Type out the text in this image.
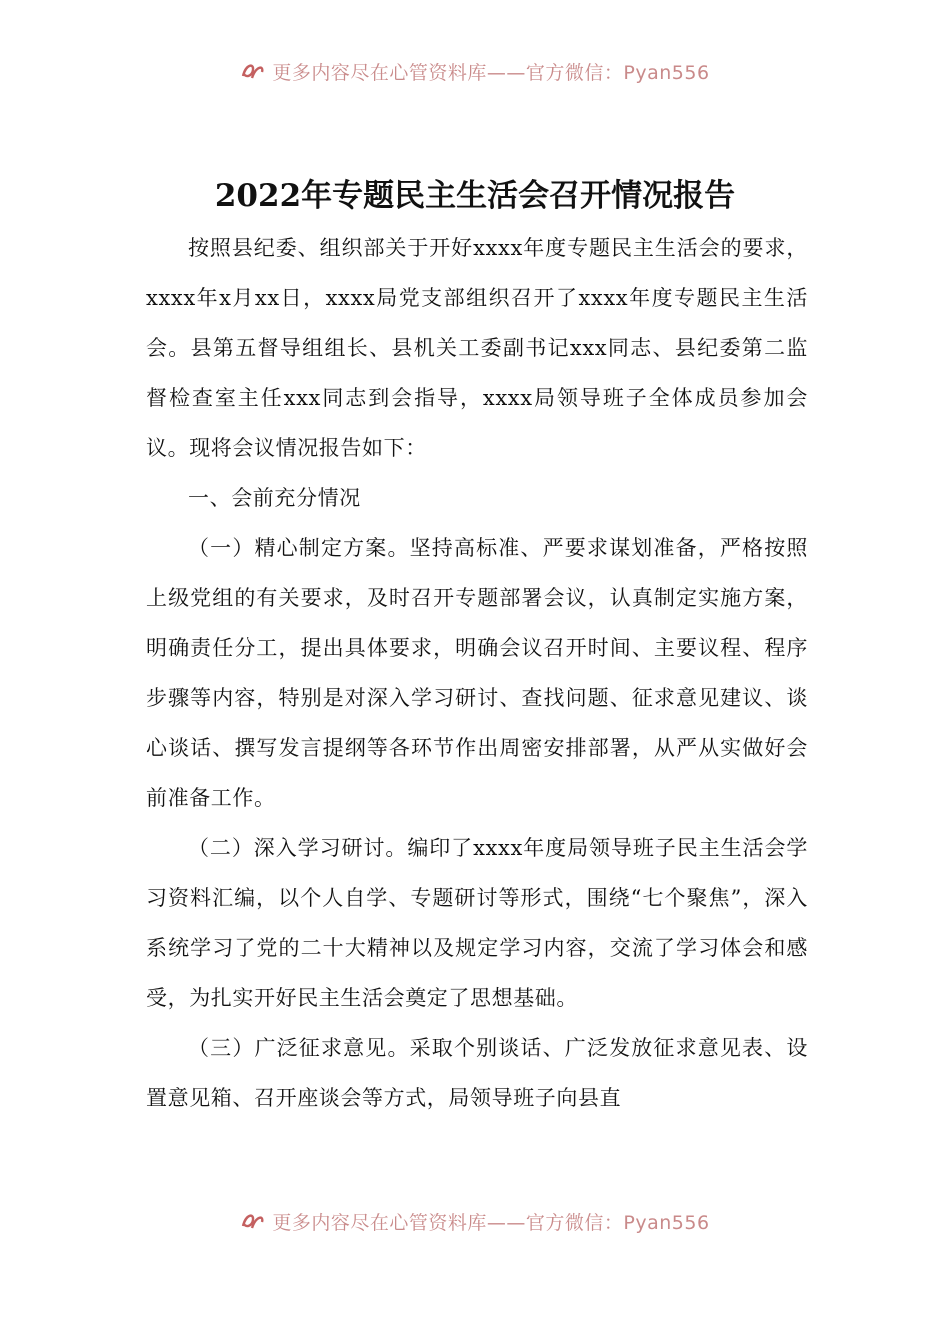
更多内容尽在心管资料库——官方微信：Pyan556
2022年专题民主生活会召开情况报告

按照县纪委、组织部关于开好xxxx年度专题民主生活会的要求，xxxx年x月xx日，xxxx局党支部组织召开了xxxx年度专题民主生活会。县第五督导组组长、县机关工委副书记xxx同志、县纪委第二监督检查室主任xxx同志到会指导，xxxx局领导班子全体成员参加会议。现将会议情况报告如下：

一、会前充分情况

（一）精心制定方案。坚持高标准、严要求谋划准备，严格按照上级党组的有关要求，及时召开专题部署会议，认真制定实施方案，明确责任分工，提出具体要求，明确会议召开时间、主要议程、程序步骤等内容，特别是对深入学习研讨、查找问题、征求意见建议、谈心谈话、撰写发言提纲等各环节作出周密安排部署，从严从实做好会前准备工作。

（二）深入学习研讨。编印了xxxx年度局领导班子民主生活会学习资料汇编，以个人自学、专题研讨等形式，围绕“七个聚焦”，深入系统学习了党的二十大精神以及规定学习内容，交流了学习体会和感受，为扎实开好民主生活会奠定了思想基础。

（三）广泛征求意见。采取个别谈话、广泛发放征求意见表、设置意见箱、召开座谈会等方式，局领导班子向县直

更多内容尽在心管资料库——官方微信：Pyan556
